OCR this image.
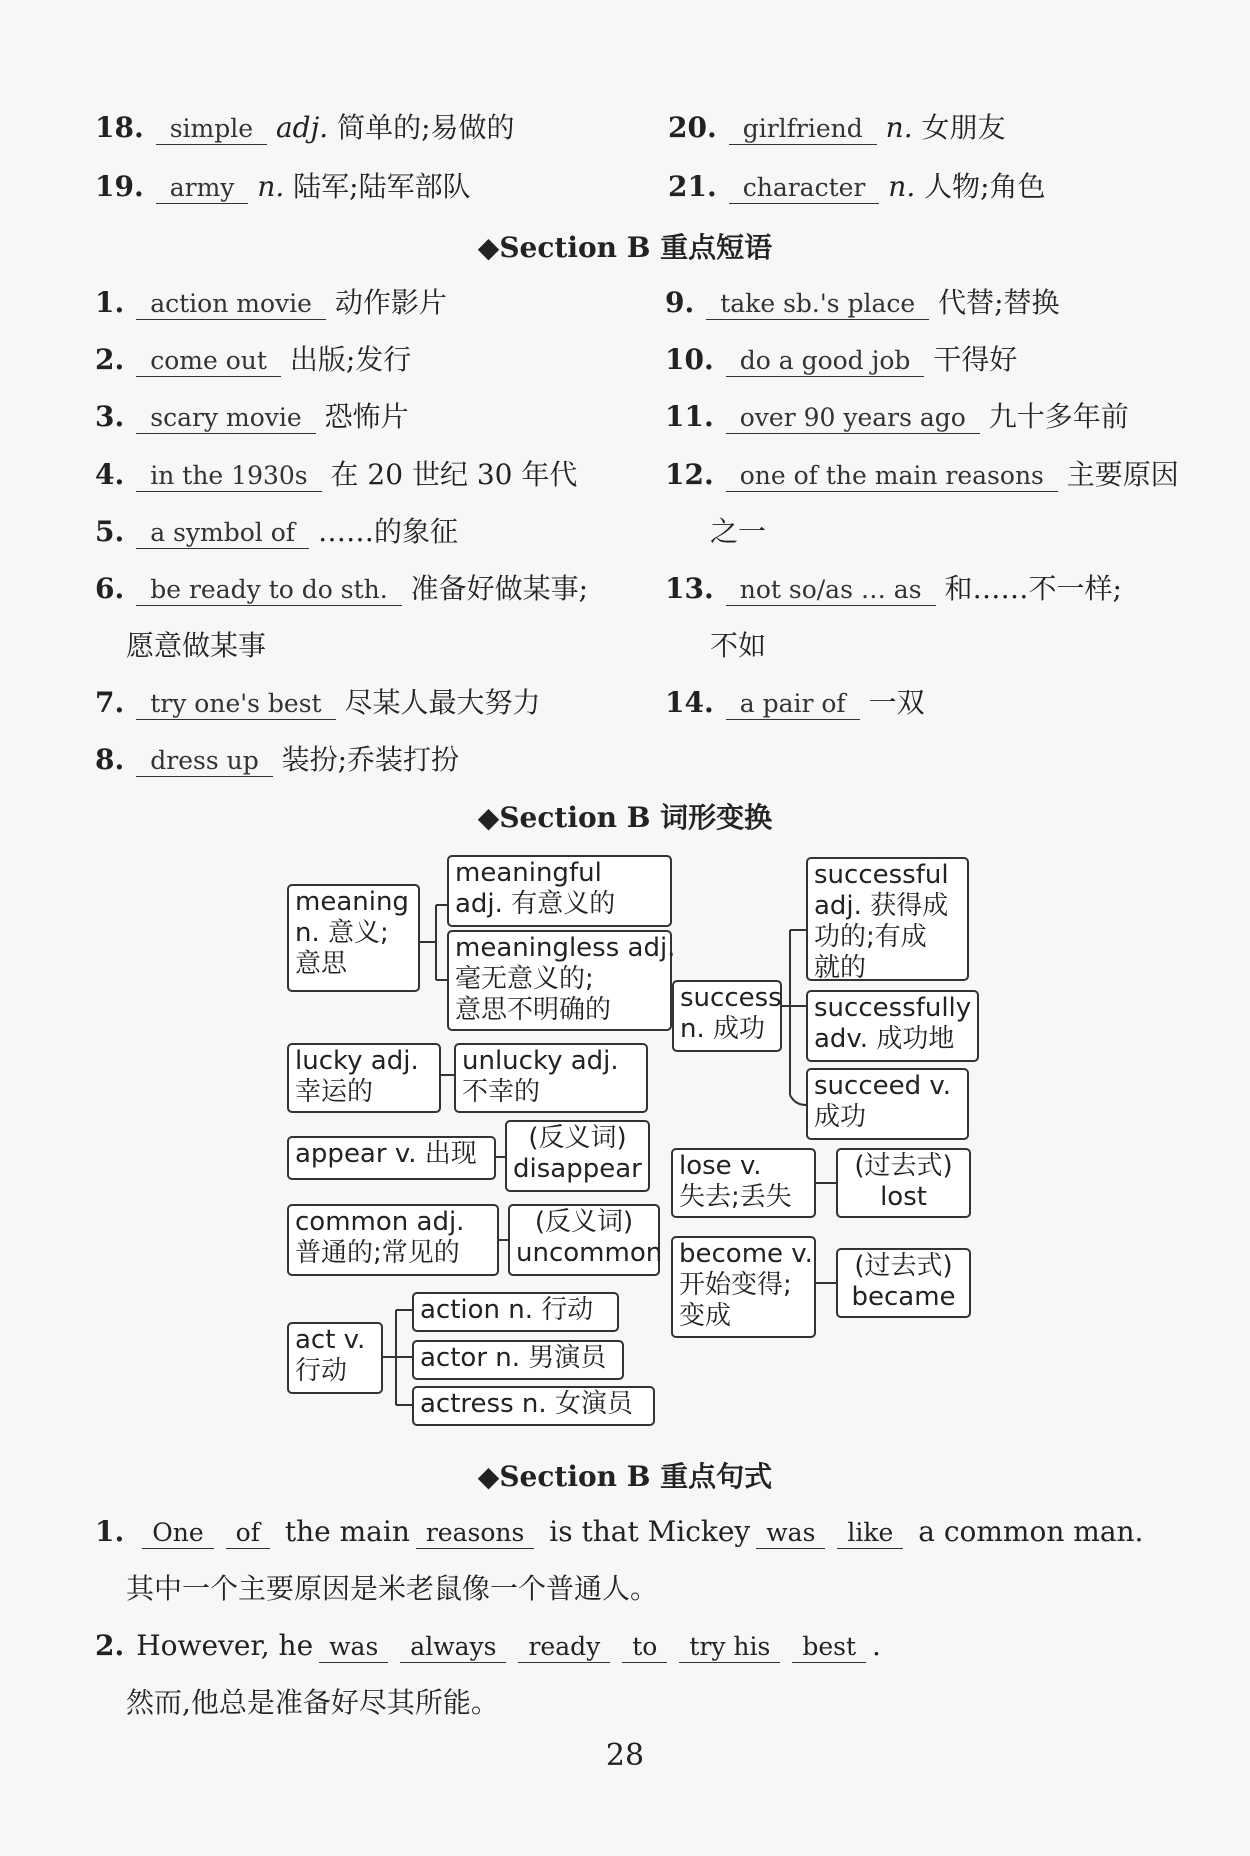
18. simple adj. 简单的;易做的
19. army n. 陆军;陆军部队
20. girlfriend n. 女朋友
21. character n. 人物;角色
◆Section B 重点短语
1. action movie 动作影片
2. come out 出版;发行
3. scary movie 恐怖片
4. in the 1930s 在 20 世纪 30 年代
5. a symbol of ……的象征
6. be ready to do sth. 准备好做某事;
愿意做某事
7. try one's best 尽某人最大努力
8. dress up 装扮;乔装打扮
9. take sb.'s place 代替;替换
10. do a good job 干得好
11. over 90 years ago 九十多年前
12. one of the main reasons 主要原因
之一
13. not so/as … as 和……不一样;
不如
14. a pair of 一双
◆Section B 词形变换
meaning
n. 意义;
意思
meaningful
adj. 有意义的
meaningless adj.
毫无意义的;
意思不明确的	success
n. 成功
successful
adj. 获得成
功的;有成
就的
successfully
adv. 成功地
succeed v.
成功
lucky adj.
幸运的
unlucky adj.
不幸的
appear v. 出现
(反义词)
disappear
common adj.
普通的;常见的
(反义词)
uncommon
lose v.
失去;丢失
(过去式)
lost
become v.
开始变得;
变成
(过去式)
became
act v.
行动
action n. 行动
actor n. 男演员
actress n. 女演员
◆Section B 重点句式
1. One of the main reasons is that Mickey was like a common man.
其中一个主要原因是米老鼠像一个普通人。
2. However, he was always ready to try his best .
然而,他总是准备好尽其所能。
28
